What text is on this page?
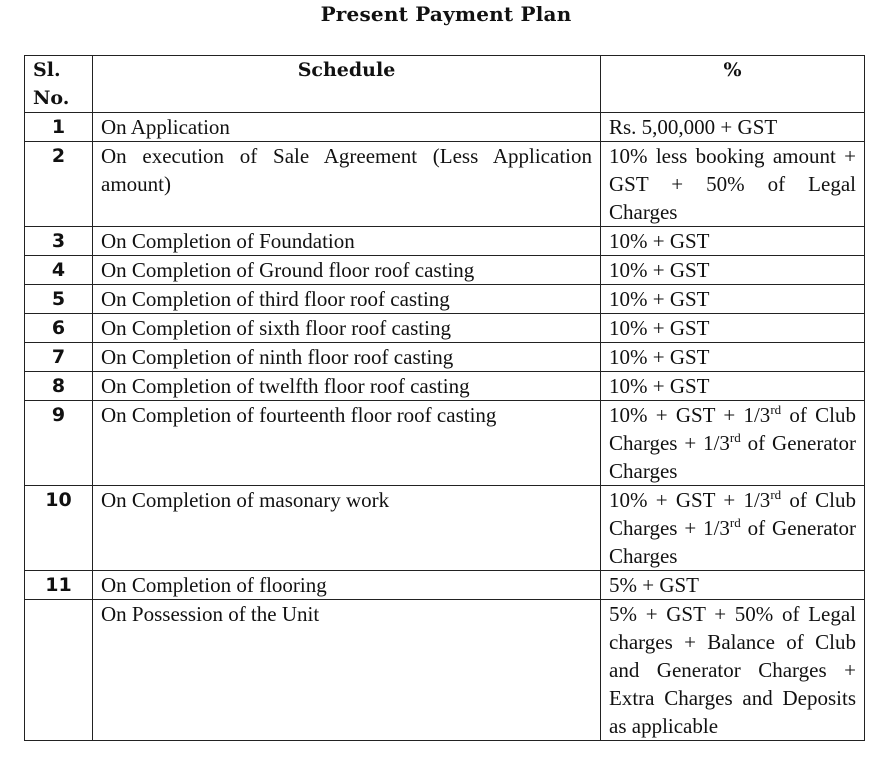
Present Payment Plan
Sl.
No.	Schedule	%
1	On Application	Rs. 5,00,000 + GST
2	On execution of Sale Agreement (Less Application amount)	10% less booking amount + GST + 50% of Legal Charges
3	On Completion of Foundation	10% + GST
4	On Completion of Ground floor roof casting	10% + GST
5	On Completion of third floor roof casting	10% + GST
6	On Completion of sixth floor roof casting	10% + GST
7	On Completion of ninth floor roof casting	10% + GST
8	On Completion of twelfth floor roof casting	10% + GST
9	On Completion of fourteenth floor roof casting	10% + GST + 1/3rd of Club Charges + 1/3rd of Generator Charges
10	On Completion of masonary work	10% + GST + 1/3rd of Club Charges + 1/3rd of Generator Charges
11	On Completion of flooring	5% + GST
	On Possession of the Unit	5% + GST + 50% of Legal charges + Balance of Club and Generator Charges + Extra Charges and Deposits as applicable
